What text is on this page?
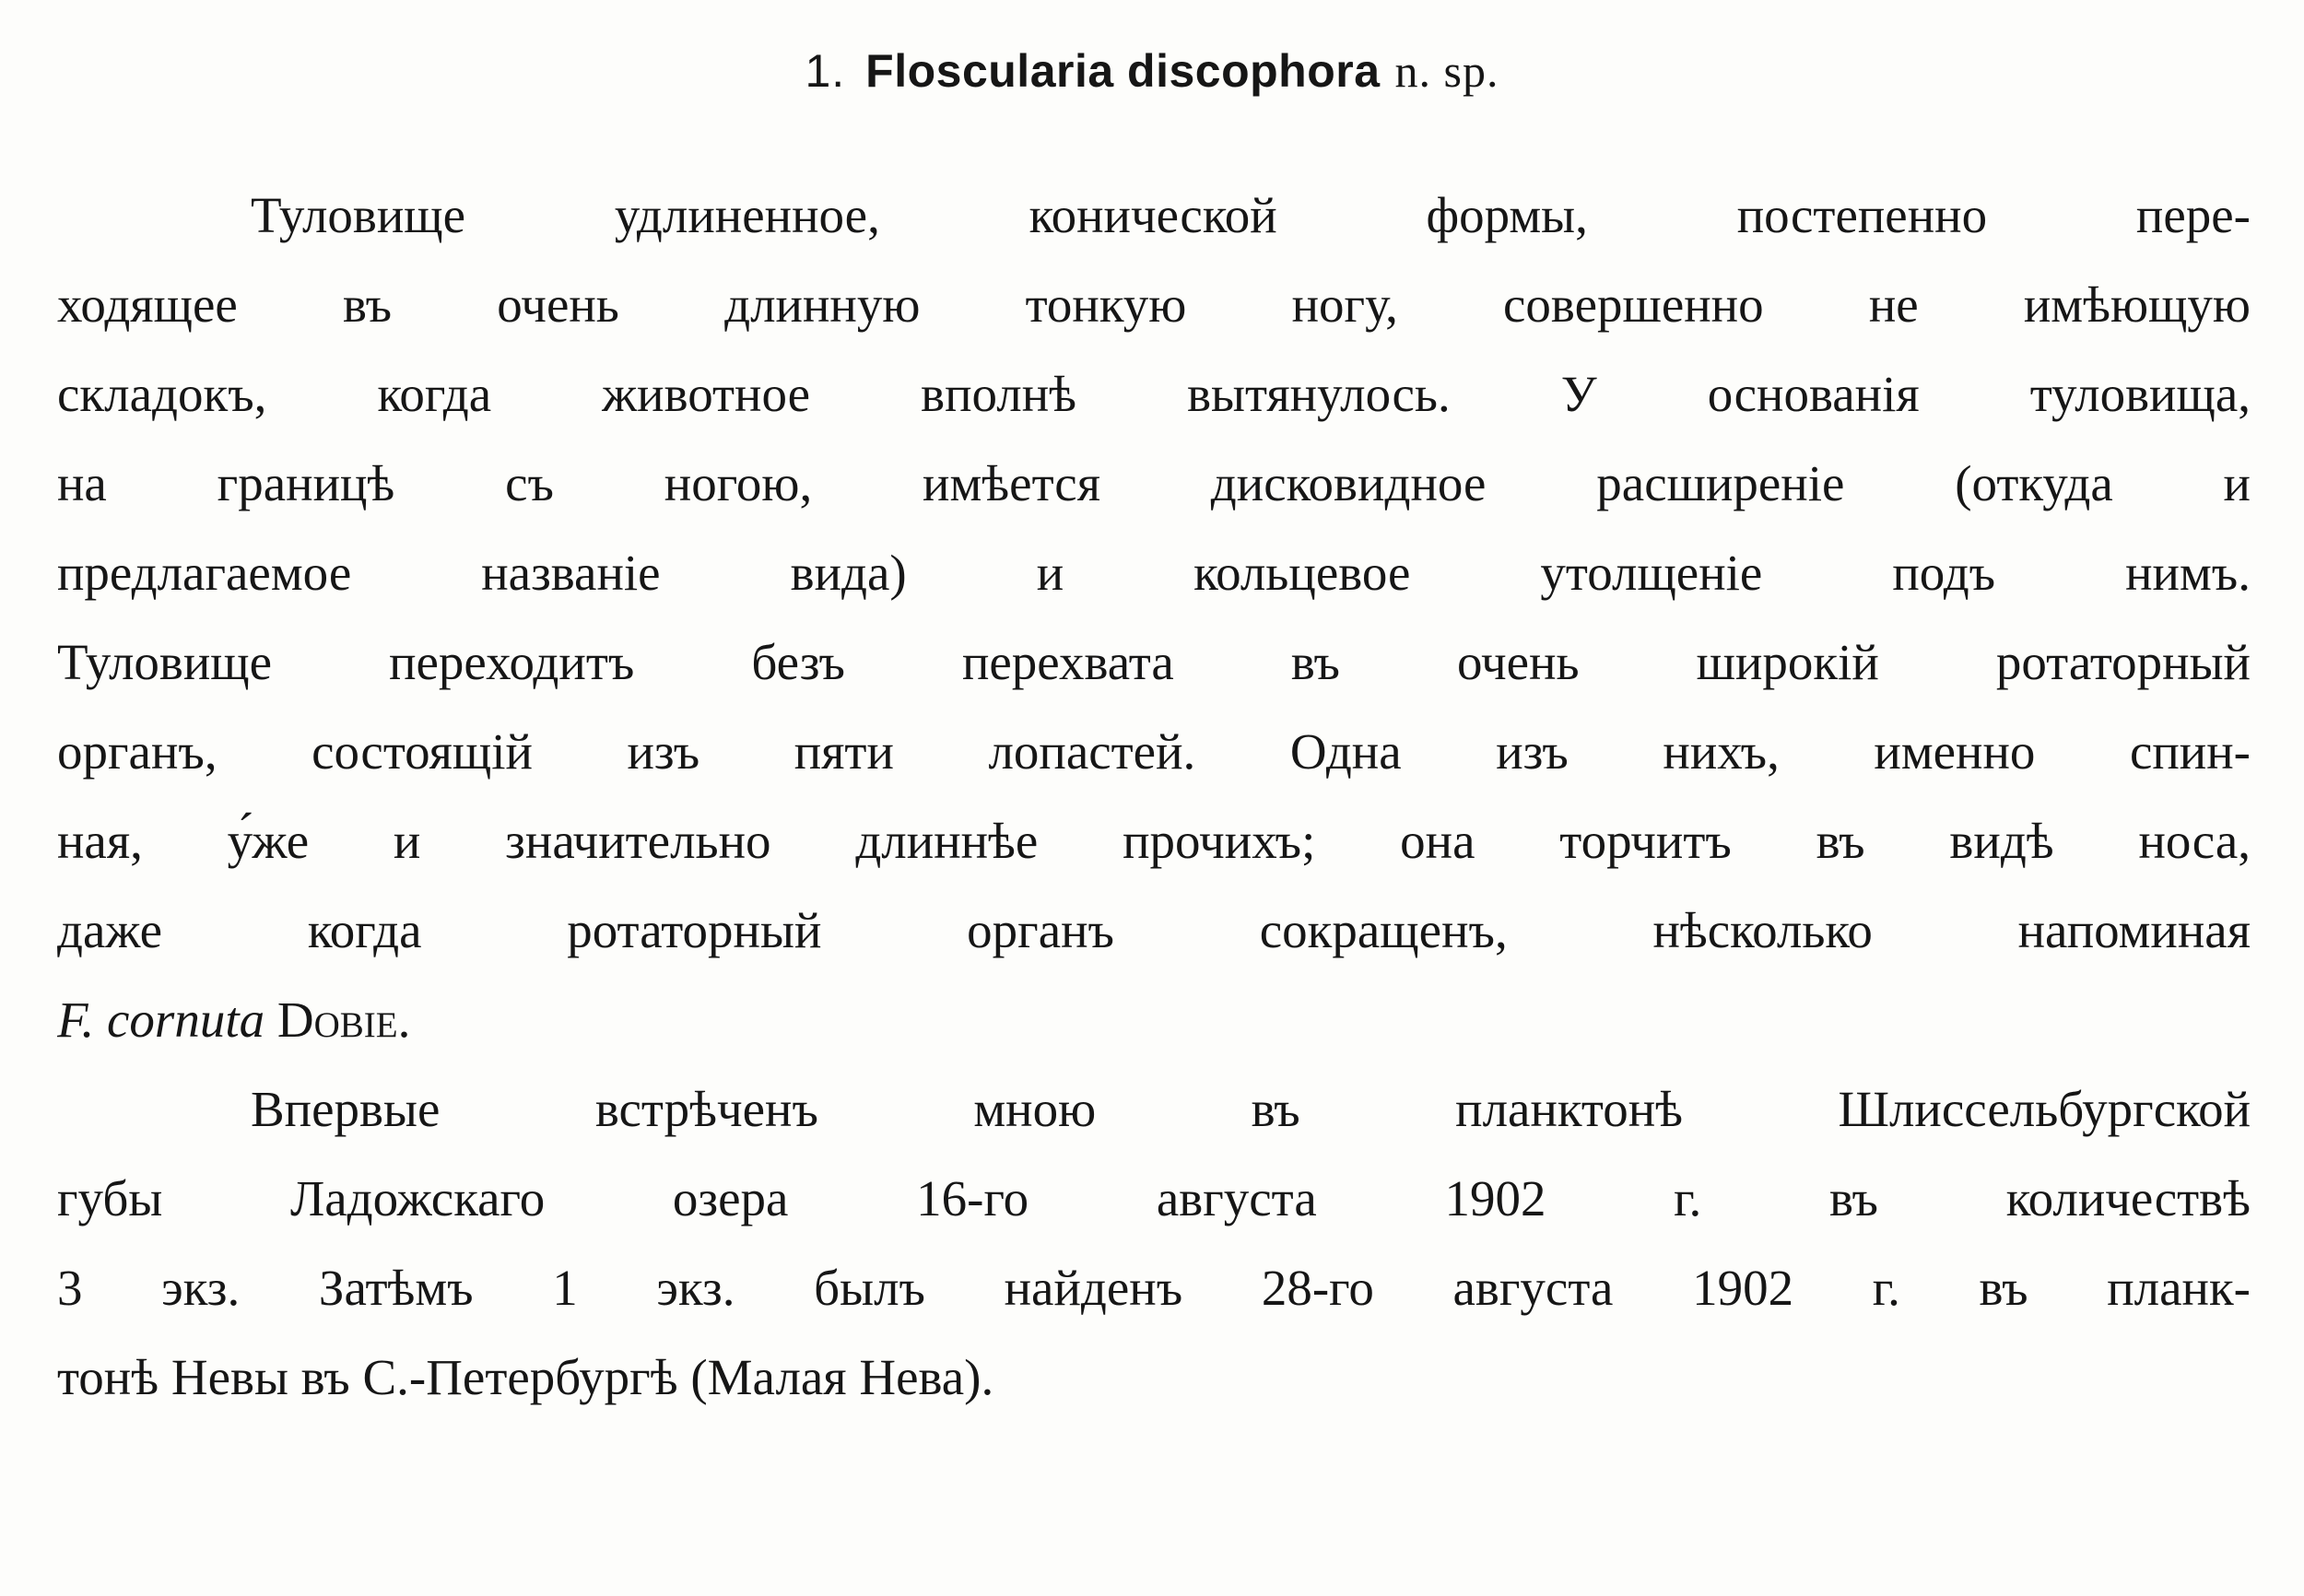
1. Floscularia discophora n. sp.
Туловище удлиненное, конической формы, постепенно пере-
ходящее въ очень длинную тонкую ногу, совершенно не имѣющую
складокъ, когда животное вполнѣ вытянулось. У основанія туловища,
на границѣ съ ногою, имѣется дисковидное расширеніе (откуда и
предлагаемое названіе вида) и кольцевое утолщеніе подъ нимъ.
Туловище переходитъ безъ перехвата въ очень широкій ротаторный
органъ, состоящій изъ пяти лопастей. Одна изъ нихъ, именно спин-
ная, у́же и значительно длиннѣе прочихъ; она торчитъ въ видѣ носа,
даже когда ротаторный органъ сокращенъ, нѣсколько напоминая
F. cornuta Dobie.
Впервые встрѣченъ мною въ планктонѣ Шлиссельбургской
губы Ладожскаго озера 16-го августа 1902 г. въ количествѣ
3 экз. Затѣмъ 1 экз. былъ найденъ 28-го августа 1902 г. въ планк-
тонѣ Невы въ С.-Петербургѣ (Малая Нева).
